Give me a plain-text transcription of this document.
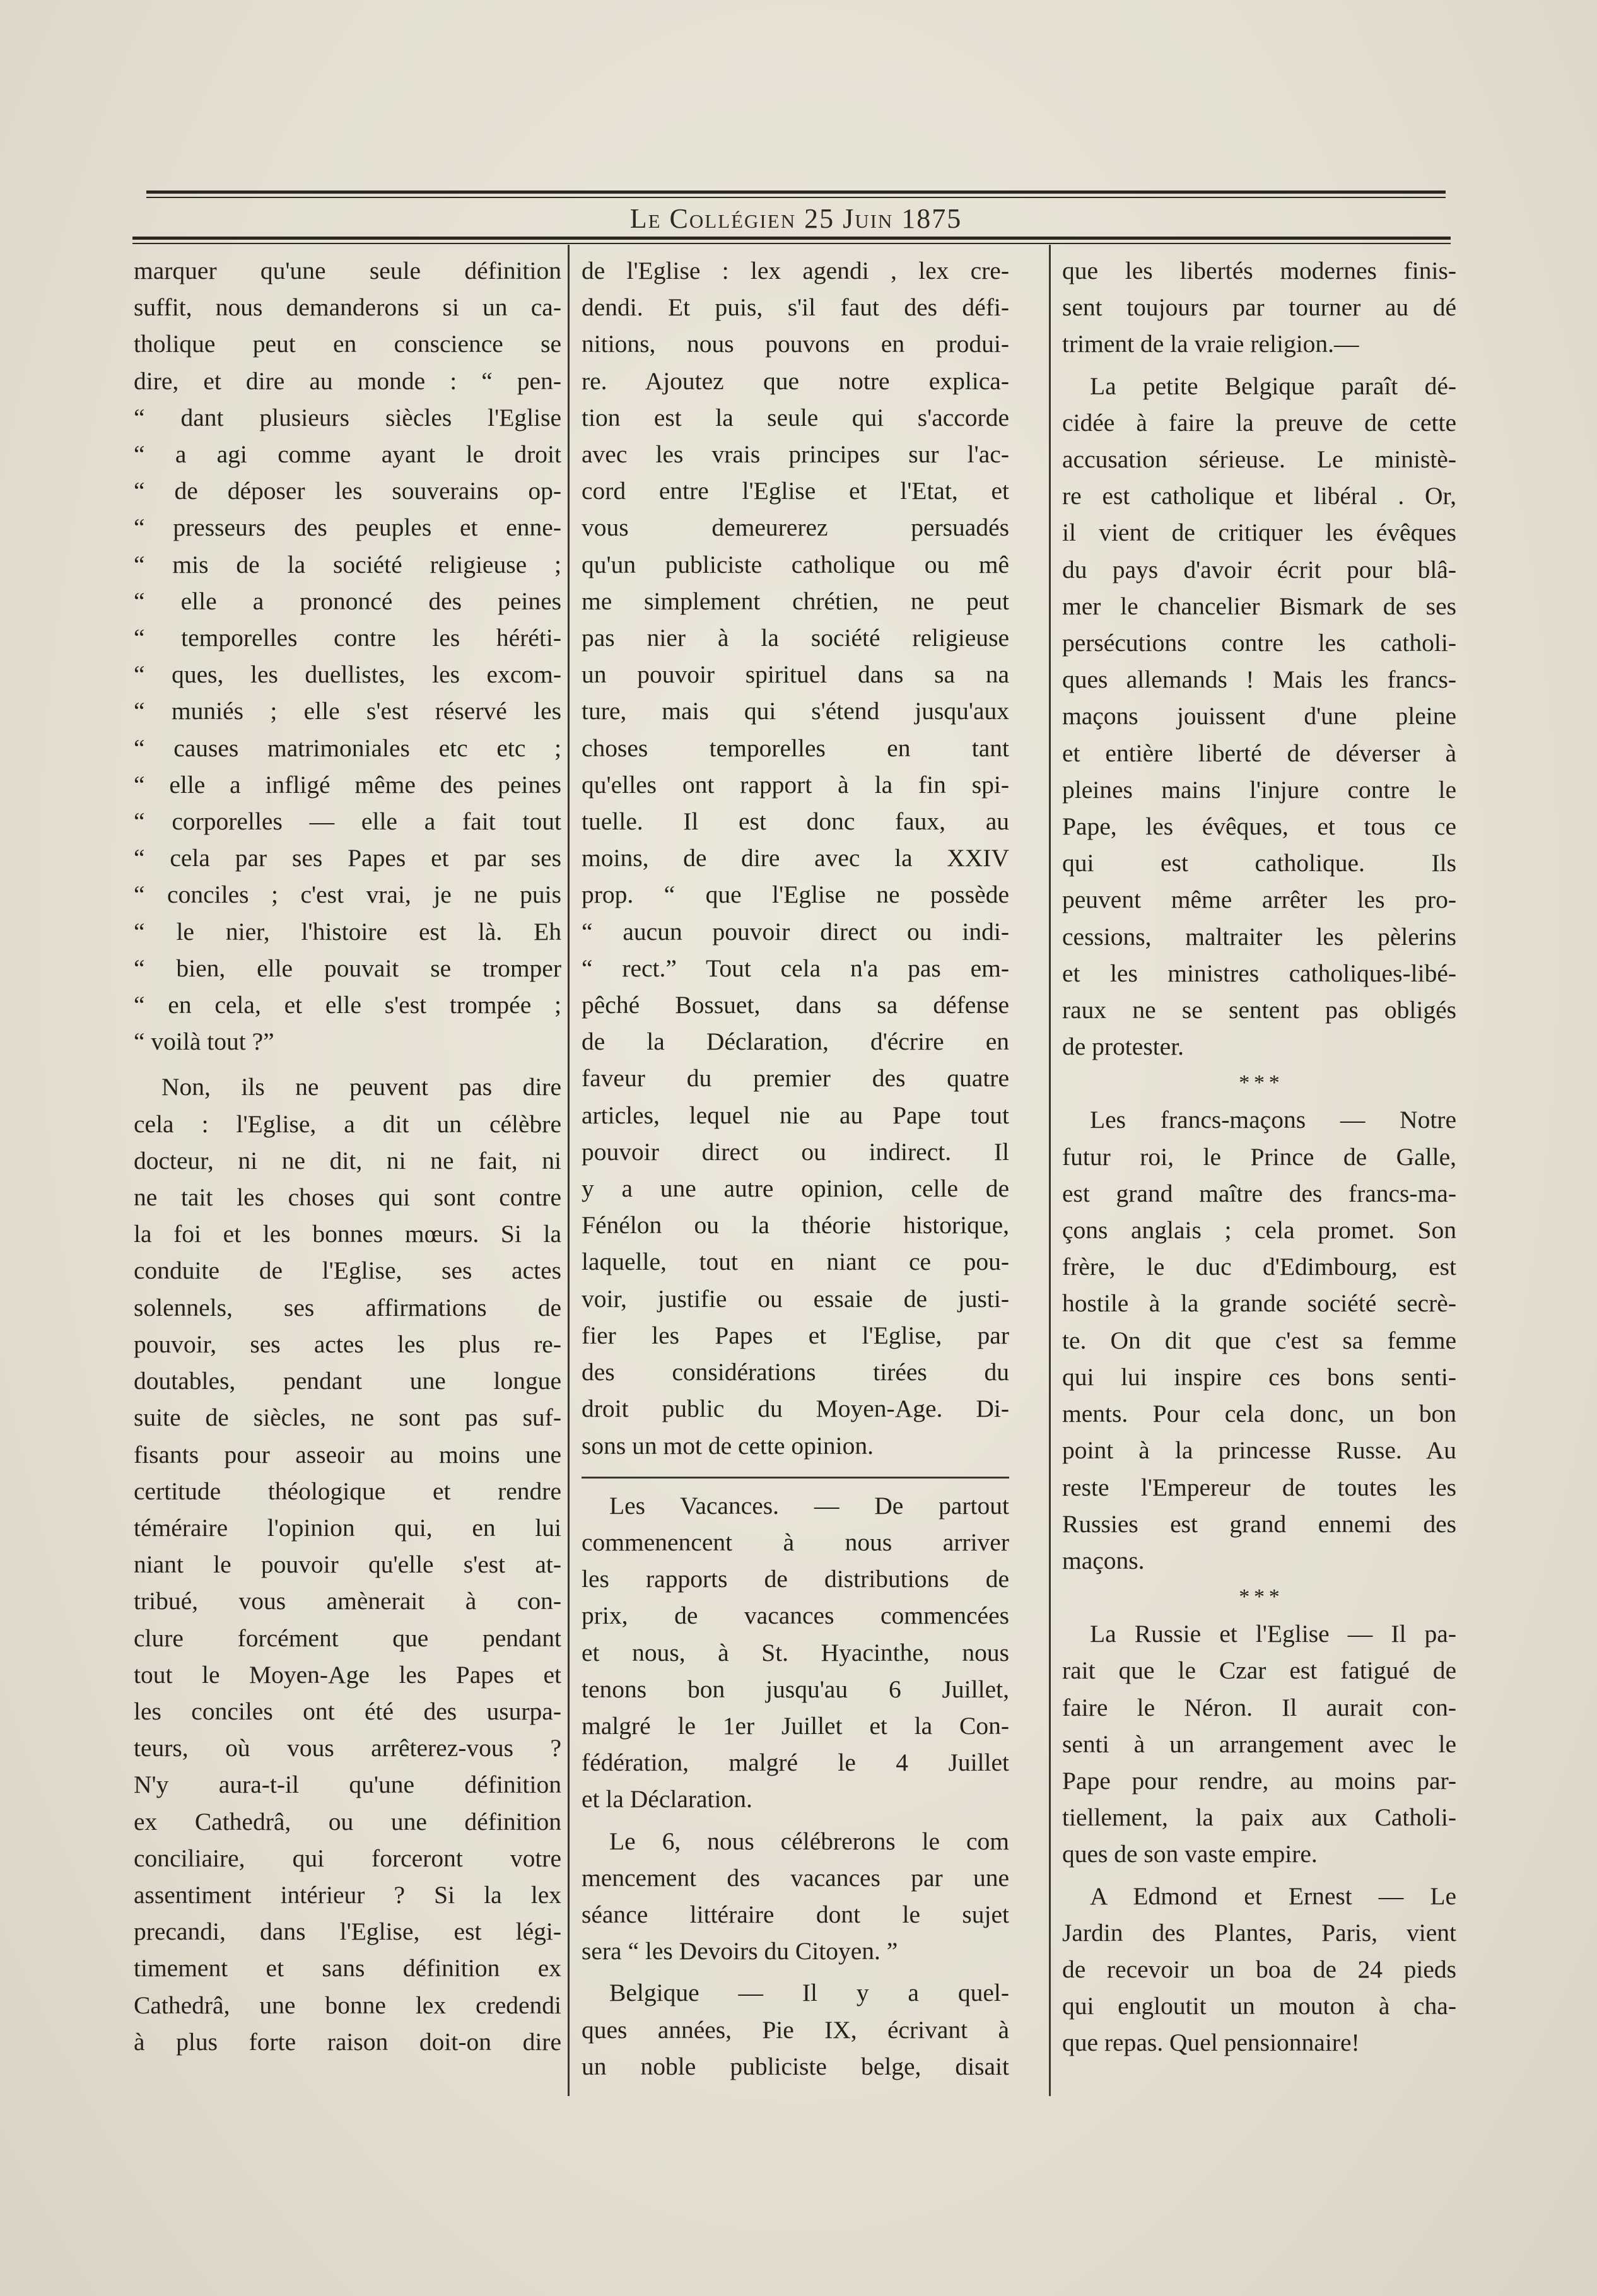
Le Collégien 25 Juin 1875

marquer qu'une seule définition

suffit, nous demanderons si un ca-

tholique peut en conscience se

dire, et dire au monde : “ pen-

“ dant plusieurs siècles l'Eglise

“ a agi comme ayant le droit

“ de déposer les souverains op-

“ presseurs des peuples et enne-

“ mis de la société religieuse ;

“ elle a prononcé des peines

“ temporelles contre les héréti-

“ ques, les duellistes, les excom-

“ muniés ; elle s'est réservé les

“ causes matrimoniales etc etc ;

“ elle a infligé même des peines

“ corporelles — elle a fait tout

“ cela par ses Papes et par ses

“ conciles ; c'est vrai, je ne puis

“ le nier, l'histoire est là. Eh

“ bien, elle pouvait se tromper

“ en cela, et elle s'est trompée ;

“ voilà tout ?”

Non, ils ne peuvent pas dire

cela : l'Eglise, a dit un célèbre

docteur, ni ne dit, ni ne fait, ni

ne tait les choses qui sont contre

la foi et les bonnes mœurs. Si la

conduite de l'Eglise, ses actes

solennels, ses affirmations de

pouvoir, ses actes les plus re-

doutables, pendant une longue

suite de siècles, ne sont pas suf-

fisants pour asseoir au moins une

certitude théologique et rendre

téméraire l'opinion qui, en lui

niant le pouvoir qu'elle s'est at-

tribué, vous amènerait à con-

clure forcément que pendant

tout le Moyen-Age les Papes et

les conciles ont été des usurpa-

teurs, où vous arrêterez-vous ?

N'y aura-t-il qu'une définition

ex Cathedrâ, ou une définition

conciliaire, qui forceront votre

assentiment intérieur ? Si la lex

precandi, dans l'Eglise, est légi-

timement et sans définition ex

Cathedrâ, une bonne lex credendi

à plus forte raison doit-on dire

de l'Eglise : lex agendi , lex cre-

dendi. Et puis, s'il faut des défi-

nitions, nous pouvons en produi-

re. Ajoutez que notre explica-

tion est la seule qui s'accorde

avec les vrais principes sur l'ac-

cord entre l'Eglise et l'Etat, et

vous demeurerez persuadés

qu'un publiciste catholique ou mê

me simplement chrétien, ne peut

pas nier à la société religieuse

un pouvoir spirituel dans sa na

ture, mais qui s'étend jusqu'aux

choses temporelles en tant

qu'elles ont rapport à la fin spi-

tuelle. Il est donc faux, au

moins, de dire avec la XXIV

prop. “ que l'Eglise ne possède

“ aucun pouvoir direct ou indi-

“ rect.” Tout cela n'a pas em-

pêché Bossuet, dans sa défense

de la Déclaration, d'écrire en

faveur du premier des quatre

articles, lequel nie au Pape tout

pouvoir direct ou indirect. Il

y a une autre opinion, celle de

Fénélon ou la théorie historique,

laquelle, tout en niant ce pou-

voir, justifie ou essaie de justi-

fier les Papes et l'Eglise, par

des considérations tirées du

droit public du Moyen-Age. Di-

sons un mot de cette opinion.

Les Vacances. — De partout

commenencent à nous arriver

les rapports de distributions de

prix, de vacances commencées

et nous, à St. Hyacinthe, nous

tenons bon jusqu'au 6 Juillet,

malgré le 1er Juillet et la Con-

fédération, malgré le 4 Juillet

et la Déclaration.

Le 6, nous célébrerons le com

mencement des vacances par une

séance littéraire dont le sujet

sera “ les Devoirs du Citoyen. ”

Belgique — Il y a quel-

ques années, Pie IX, écrivant à

un noble publiciste belge, disait

que les libertés modernes finis-

sent toujours par tourner au dé

triment de la vraie religion.—

La petite Belgique paraît dé-

cidée à faire la preuve de cette

accusation sérieuse. Le ministè-

re est catholique et libéral . Or,

il vient de critiquer les évêques

du pays d'avoir écrit pour blâ-

mer le chancelier Bismark de ses

persécutions contre les catholi-

ques allemands ! Mais les francs-

maçons jouissent d'une pleine

et entière liberté de déverser à

pleines mains l'injure contre le

Pape, les évêques, et tous ce

qui est catholique. Ils

peuvent même arrêter les pro-

cessions, maltraiter les pèlerins

et les ministres catholiques-libé-

raux ne se sentent pas obligés

de protester.

* * *

Les francs-maçons — Notre

futur roi, le Prince de Galle,

est grand maître des francs-ma-

çons anglais ; cela promet. Son

frère, le duc d'Edimbourg, est

hostile à la grande société secrè-

te. On dit que c'est sa femme

qui lui inspire ces bons senti-

ments. Pour cela donc, un bon

point à la princesse Russe. Au

reste l'Empereur de toutes les

Russies est grand ennemi des

maçons.

* * *

La Russie et l'Eglise — Il pa-

rait que le Czar est fatigué de

faire le Néron. Il aurait con-

senti à un arrangement avec le

Pape pour rendre, au moins par-

tiellement, la paix aux Catholi-

ques de son vaste empire.

A Edmond et Ernest — Le

Jardin des Plantes, Paris, vient

de recevoir un boa de 24 pieds

qui engloutit un mouton à cha-

que repas. Quel pensionnaire!
